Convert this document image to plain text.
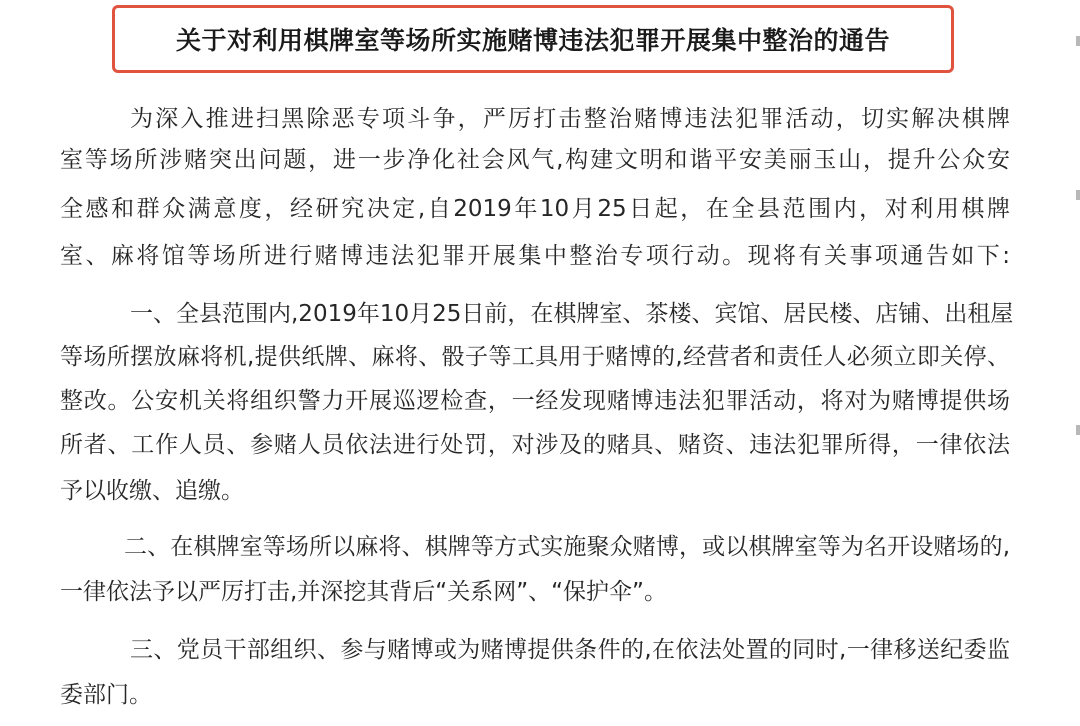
关于对利用棋牌室等场所实施赌博违法犯罪开展集中整治的通告
为深入推进扫黑除恶专项斗争，严厉打击整治赌博违法犯罪活动，切实解决棋牌
室等场所涉赌突出问题，进一步净化社会风气,构建文明和谐平安美丽玉山，提升公众安
全感和群众满意度，经研究决定,自2019年10月25日起，在全县范围内，对利用棋牌
室、麻将馆等场所进行赌博违法犯罪开展集中整治专项行动。现将有关事项通告如下:
一、全县范围内,2019年10月25日前，在棋牌室、茶楼、宾馆、居民楼、店铺、出租屋
等场所摆放麻将机,提供纸牌、麻将、骰子等工具用于赌博的,经营者和责任人必须立即关停、
整改。公安机关将组织警力开展巡逻检查，一经发现赌博违法犯罪活动，将对为赌博提供场
所者、工作人员、参赌人员依法进行处罚，对涉及的赌具、赌资、违法犯罪所得，一律依法
予以收缴、追缴。
二、在棋牌室等场所以麻将、棋牌等方式实施聚众赌博，或以棋牌室等为名开设赌场的,
一律依法予以严厉打击,并深挖其背后“关系网”、“保护伞”。
三、党员干部组织、参与赌博或为赌博提供条件的,在依法处置的同时,一律移送纪委监
委部门。
